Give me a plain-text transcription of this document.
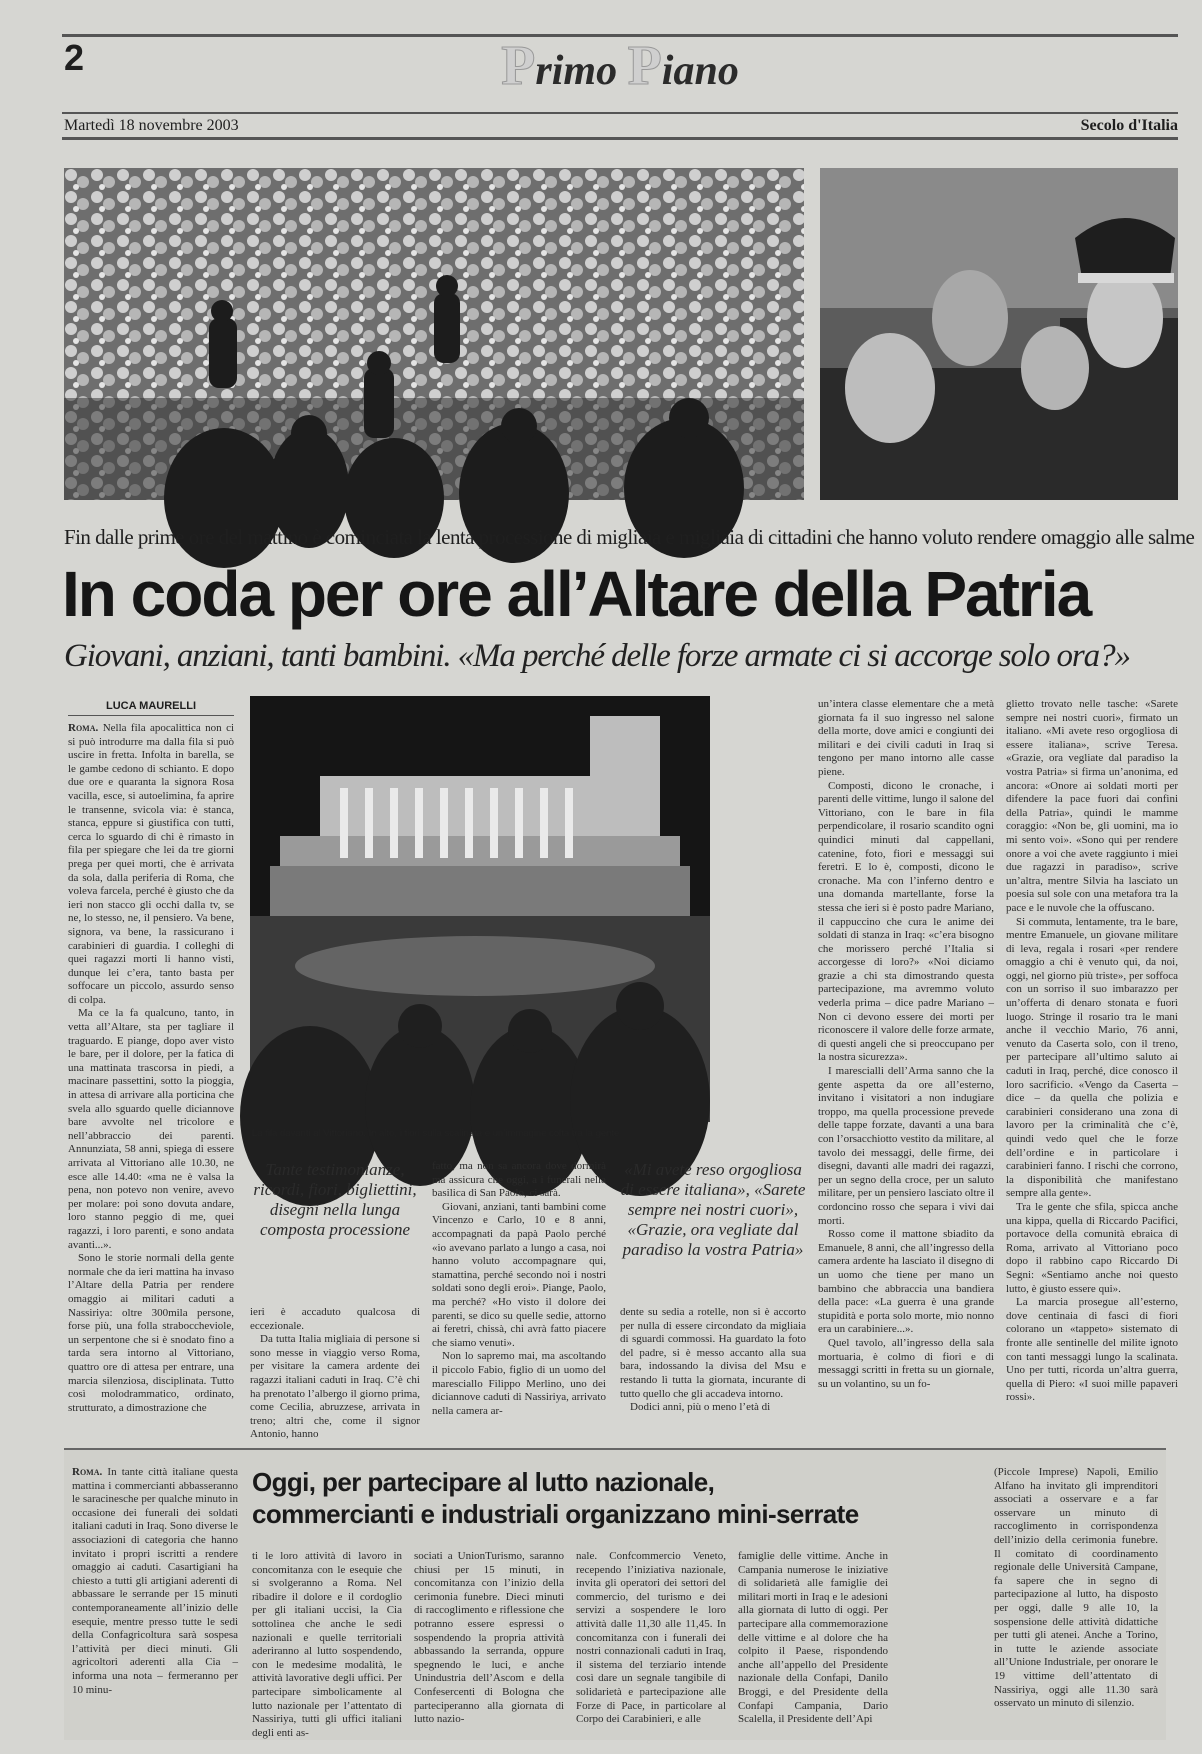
2	Primo Piano
Martedì 18 novembre 2003	Secolo d'Italia
Fin dalle prime ore del mattino è cominciata la lenta processione di migliaia e migliaia di cittadini che hanno voluto rendere omaggio alle salme
In coda per ore all’Altare della Patria
Giovani, anziani, tanti bambini. «Ma perché delle forze armate ci si accorge solo ora?»
LUCA MAURELLI

Roma. Nella fila apocalittica non ci si può introdurre ma dalla fila si può uscire in fretta. Infolta in barella, se le gambe cedono di schianto. E dopo due ore e quaranta la signora Rosa vacilla, esce, si autoelimina, fa aprire le transenne, svicola via: è stanca, stanca, eppure si giustifica con tutti, cerca lo sguardo di chi è rimasto in fila per spiegare che lei da tre giorni prega per quei morti, che è arrivata da sola, dalla periferia di Roma, che voleva farcela, perché è giusto che da ieri non stacco gli occhi dalla tv, se ne, lo stesso, ne, il pensiero. Va bene, signora, va bene, la rassicurano i carabinieri di guardia. I colleghi di quei ragazzi morti li hanno visti, dunque lei c’era, tanto basta per soffocare un piccolo, assurdo senso di colpa.

Ma ce la fa qualcuno, tanto, in vetta all’Altare, sta per tagliare il traguardo. E piange, dopo aver visto le bare, per il dolore, per la fatica di una mattinata trascorsa in piedi, a macinare passettini, sotto la pioggia, in attesa di arrivare alla porticina che svela allo sguardo quelle diciannove bare avvolte nel tricolore e nell’abbraccio dei parenti. Annunziata, 58 anni, spiega di essere arrivata al Vittoriano alle 10.30, ne esce alle 14.40: «ma ne è valsa la pena, non potevo non venire, avevo per molare: poi sono dovuta andare, loro stanno peggio di me, quei ragazzi, i loro parenti, e sono andata avanti...».

Sono le storie normali della gente normale che da ieri mattina ha invaso l’Altare della Patria per rendere omaggio ai militari caduti a Nassiriya: oltre 300mila persone, forse più, una folla straboccheviole, un serpentone che si è snodato fino a tarda sera intorno al Vittoriano, quattro ore di attesa per entrare, una marcia silenziosa, disciplinata. Tutto così molodrammatico, ordinato, strutturato, a dimostrazione che

La fila davanti al Vittoriano. In alto, i fiori sulla scalinata e un’immagine colta tra la gente
Tante testimonianze, ricordi, fiori, bigliettini, disegni nella lunga composta processione
«Mi avete reso orgogliosa di essere italiana», «Sarete sempre nei nostri cuori», «Grazie, ora vegliate dal paradiso la vostra Patria»

ieri è accaduto qualcosa di eccezionale.

Da tutta Italia migliaia di persone si sono messe in viaggio verso Roma, per visitare la camera ardente dei ragazzi italiani caduti in Iraq. C’è chi ha prenotato l’albergo il giorno prima, come Cecilia, abruzzese, arrivata in treno; altri che, come il signor Antonio, hanno

fatto, ma non sa ancora dove dormirà ma assicura che oggi, a i funerali nella basilica di San Paolo, ci sarà.

Giovani, anziani, tanti bambini come Vincenzo e Carlo, 10 e 8 anni, accompagnati da papà Paolo perché «io avevano parlato a lungo a casa, noi hanno voluto accompagnare qui, stamattina, perché secondo noi i nostri soldati sono degli eroi». Piange, Paolo, ma perché? «Ho visto il dolore dei parenti, se dico su quelle sedie, attorno ai feretri, chissà, chi avrà fatto piacere che siamo venuti».

Non lo sapremo mai, ma ascoltando il piccolo Fabio, figlio di un uomo del maresciallo Filippo Merlino, uno dei diciannove caduti di Nassiriya, arrivato nella camera ar-

dente su sedia a rotelle, non si è accorto per nulla di essere circondato da migliaia di sguardi commossi. Ha guardato la foto del padre, si è messo accanto alla sua bara, indossando la divisa del Msu e restando lì tutta la giornata, incurante di tutto quello che gli accadeva intorno.

Dodici anni, più o meno l’età di

un’intera classe elementare che a metà giornata fa il suo ingresso nel salone della morte, dove amici e congiunti dei militari e dei civili caduti in Iraq si tengono per mano intorno alle casse piene.

Composti, dicono le cronache, i parenti delle vittime, lungo il salone del Vittoriano, con le bare in fila perpendicolare, il rosario scandito ogni quindici minuti dal cappellani, catenine, foto, fiori e messaggi sui feretri. E lo è, composti, dicono le cronache. Ma con l’inferno dentro e una domanda martellante, forse la stessa che ieri si è posto padre Mariano, il cappuccino che cura le anime dei soldati di stanza in Iraq: «c’era bisogno che morissero perché l’Italia si accorgesse di loro?» «Noi diciamo grazie a chi sta dimostrando questa partecipazione, ma avremmo voluto vederla prima – dice padre Mariano – Non ci devono essere dei morti per riconoscere il valore delle forze armate, di questi angeli che si preoccupano per la nostra sicurezza».

I marescialli dell’Arma sanno che la gente aspetta da ore all’esterno, invitano i visitatori a non indugiare troppo, ma quella processione prevede delle tappe forzate, davanti a una bara con l’orsacchiotto vestito da militare, al tavolo dei messaggi, delle firme, dei disegni, davanti alle madri dei ragazzi, per un segno della croce, per un saluto militare, per un pensiero lasciato oltre il cordoncino rosso che separa i vivi dai morti.

Rosso come il mattone sbiadito da Emanuele, 8 anni, che all’ingresso della camera ardente ha lasciato il disegno di un uomo che tiene per mano un bambino che abbraccia una bandiera della pace: «La guerra è una grande stupidità e porta solo morte, mio nonno era un carabiniere...».

Quel tavolo, all’ingresso della sala mortuaria, è colmo di fiori e di messaggi scritti in fretta su un giornale, su un volantino, su un fo-

glietto trovato nelle tasche: «Sarete sempre nei nostri cuori», firmato un italiano. «Mi avete reso orgogliosa di essere italiana», scrive Teresa. «Grazie, ora vegliate dal paradiso la vostra Patria» si firma un’anonima, ed ancora: «Onore ai soldati morti per difendere la pace fuori dai confini della Patria», quindi le mamme coraggio: «Non be, gli uomini, ma io mi sento voi». «Sono qui per rendere onore a voi che avete raggiunto i miei due ragazzi in paradiso», scrive un’altra, mentre Silvia ha lasciato un poesia sul sole con una metafora tra la pace e le nuvole che la offuscano.

Si commuta, lentamente, tra le bare, mentre Emanuele, un giovane militare di leva, regala i rosari «per rendere omaggio a chi è venuto qui, da noi, oggi, nel giorno più triste», per soffoca con un sorriso il suo imbarazzo per un’offerta di denaro stonata e fuori luogo. Stringe il rosario tra le mani anche il vecchio Mario, 76 anni, venuto da Caserta solo, con il treno, per partecipare all’ultimo saluto ai caduti in Iraq, perché, dice conosco il loro sacrificio. «Vengo da Caserta – dice – da quella che polizia e carabinieri considerano una zona di lavoro per la criminalità che c’è, quindi vedo quel che le forze dell’ordine e in particolare i carabinieri fanno. I rischi che corrono, la disponibilità che manifestano sempre alla gente».

Tra le gente che sfila, spicca anche una kippa, quella di Riccardo Pacifici, portavoce della comunità ebraica di Roma, arrivato al Vittoriano poco dopo il rabbino capo Riccardo Di Segni: «Sentiamo anche noi questo lutto, è giusto essere qui».

La marcia prosegue all’esterno, dove centinaia di fasci di fiori colorano un «tappeto» sistemato di fronte alle sentinelle del milite ignoto con tanti messaggi lungo la scalinata. Uno per tutti, ricorda un’altra guerra, quella di Piero: «I suoi mille papaveri rossi».

Oggi, per partecipare al lutto nazionale,
commercianti e industriali organizzano mini-serrate

Roma. In tante città italiane questa mattina i commercianti abbasseranno le saracinesche per qualche minuto in occasione dei funerali dei soldati italiani caduti in Iraq. Sono diverse le associazioni di categoria che hanno invitato i propri iscritti a rendere omaggio ai caduti. Casartigiani ha chiesto a tutti gli artigiani aderenti di abbassare le serrande per 15 minuti contemporaneamente all’inizio delle esequie, mentre presso tutte le sedi della Confagricoltura sarà sospesa l’attività per dieci minuti. Gli agricoltori aderenti alla Cia – informa una nota – fermeranno per 10 minu-

ti le loro attività di lavoro in concomitanza con le esequie che si svolgeranno a Roma. Nel ribadire il dolore e il cordoglio per gli italiani uccisi, la Cia sottolinea che anche le sedi nazionali e quelle territoriali aderiranno al lutto sospendendo, con le medesime modalità, le attività lavorative degli uffici. Per partecipare simbolicamente al lutto nazionale per l’attentato di Nassiriya, tutti gli uffici italiani degli enti as-

sociati a UnionTurismo, saranno chiusi per 15 minuti, in concomitanza con l’inizio della cerimonia funebre. Dieci minuti di raccoglimento e riflessione che potranno essere espressi o sospendendo la propria attività abbassando la serranda, oppure spegnendo le luci, e anche Unindustria dell’Ascom e della Confesercenti di Bologna che parteciperanno alla giornata di lutto nazio-

nale. Confcommercio Veneto, recependo l’iniziativa nazionale, invita gli operatori dei settori del commercio, del turismo e dei servizi a sospendere le loro attività dalle 11,30 alle 11,45. In concomitanza con i funerali dei nostri connazionali caduti in Iraq, il sistema del terziario intende così dare un segnale tangibile di solidarietà e partecipazione alle Forze di Pace, in particolare al Corpo dei Carabinieri, e alle

famiglie delle vittime. Anche in Campania numerose le iniziative di solidarietà alle famiglie dei militari morti in Iraq e le adesioni alla giornata di lutto di oggi. Per partecipare alla commemorazione delle vittime e al dolore che ha colpito il Paese, rispondendo anche all’appello del Presidente nazionale della Confapi, Danilo Broggi, e del Presidente della Confapi Campania, Dario Scalella, il Presidente dell’Api

(Piccole Imprese) Napoli, Emilio Alfano ha invitato gli imprenditori associati a osservare e a far osservare un minuto di raccoglimento in corrispondenza dell’inizio della cerimonia funebre. Il comitato di coordinamento regionale delle Università Campane, fa sapere che in segno di partecipazione al lutto, ha disposto per oggi, dalle 9 alle 10, la sospensione delle attività didattiche per tutti gli atenei. Anche a Torino, in tutte le aziende associate all’Unione Industriale, per onorare le 19 vittime dell’attentato di Nassiriya, oggi alle 11.30 sarà osservato un minuto di silenzio.
